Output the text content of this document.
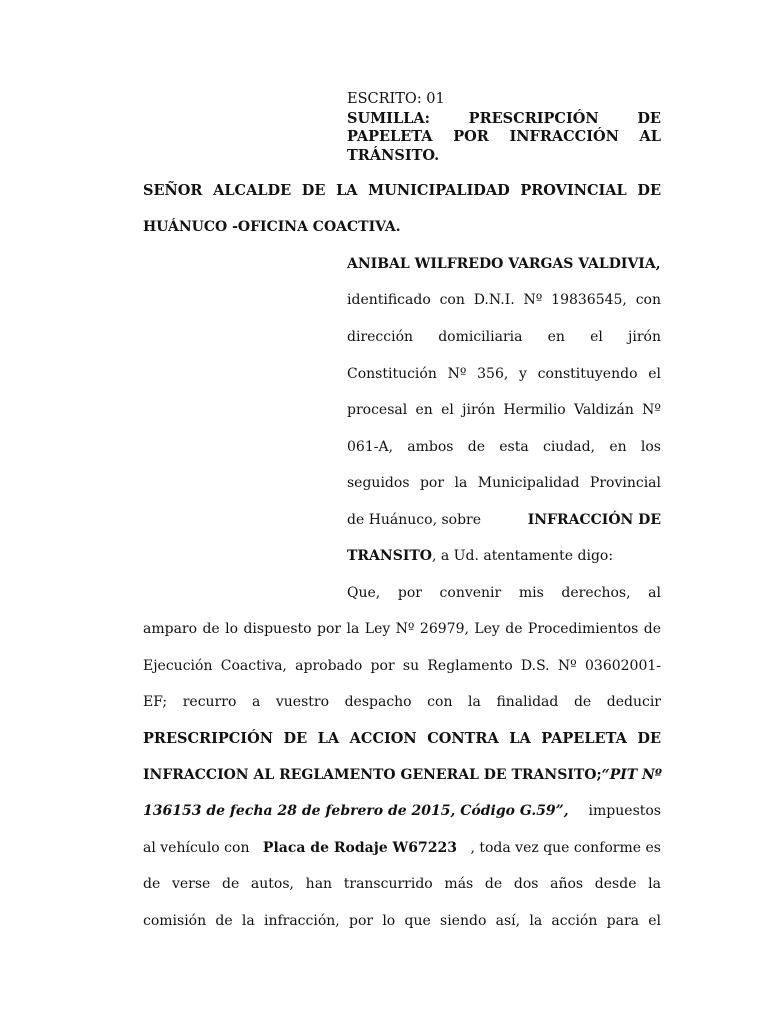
ESCRITO: 01
SUMILLA: PRESCRIPCIÓN DE
PAPELETA POR INFRACCIÓN AL
TRÁNSITO.
SEÑOR ALCALDE DE LA MUNICIPALIDAD PROVINCIAL DE
HUÁNUCO -OFICINA COACTIVA.
ANIBAL WILFREDO VARGAS VALDIVIA,
identificado con D.N.I. Nº 19836545, con
dirección domiciliaria en el jirón
Constitución Nº 356, y constituyendo el
procesal en el jirón Hermilio Valdizán Nº
061-A, ambos de esta ciudad, en los
seguidos por la Municipalidad Provincial
de Huánuco, sobre	INFRACCIÓN DE
TRANSITO, a Ud. atentamente digo:
Que, por convenir mis derechos, al
amparo de lo dispuesto por la Ley Nº 26979, Ley de Procedimientos de
Ejecución Coactiva, aprobado por su Reglamento D.S. Nº 03602001-
EF; recurro a vuestro despacho con la finalidad de deducir
PRESCRIPCIÓN DE LA ACCION CONTRA LA PAPELETA DE
INFRACCION AL REGLAMENTO GENERAL DE TRANSITO; “PIT Nº
136153 de fecha 28 de febrero de 2015, Código G.59”, impuestos
al vehículo con Placa de Rodaje W67223 , toda vez que conforme es
de verse de autos, han transcurrido más de dos años desde la
comisión de la infracción, por lo que siendo así, la acción para el
